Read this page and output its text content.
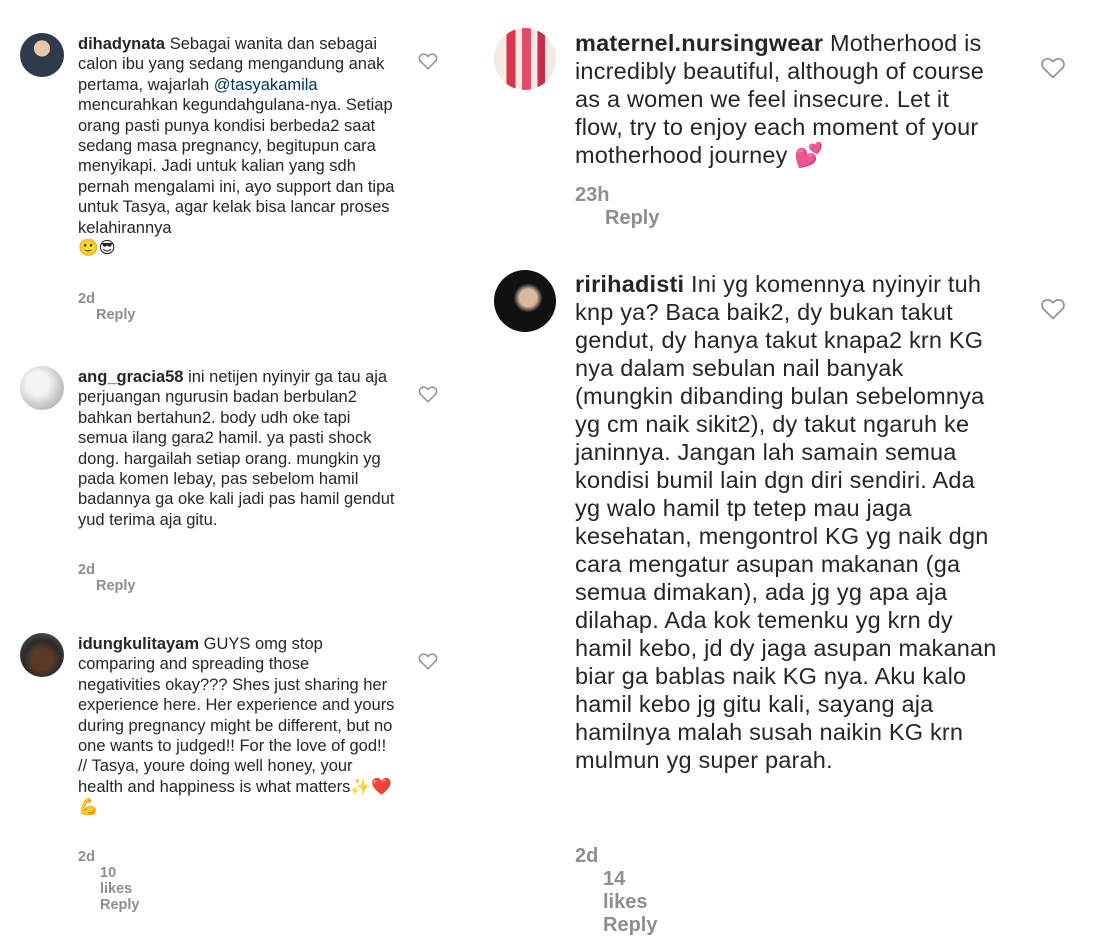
dihadynata Sebagai wanita dan sebagai calon ibu yang sedang mengandung anak pertama, wajarlah @tasyakamila mencurahkan kegundahgulana-nya. Setiap orang pasti punya kondisi berbeda2 saat sedang masa pregnancy, begitupun cara menyikapi. Jadi untuk kalian yang sdh pernah mengalami ini, ayo support dan tipa untuk Tasya, agar kelak bisa lancar proses kelahirannya
🙂😎
2d Reply
ang_gracia58 ini netijen nyinyir ga tau aja perjuangan ngurusin badan berbulan2 bahkan bertahun2. body udh oke tapi semua ilang gara2 hamil. ya pasti shock dong. hargailah setiap orang. mungkin yg pada komen lebay, pas sebelom hamil badannya ga oke kali jadi pas hamil gendut yud terima aja gitu.
2d Reply
idungkulitayam GUYS omg stop comparing and spreading those negativities okay??? Shes just sharing her experience here. Her experience and yours during pregnancy might be different, but no one wants to judged!! For the love of god!! // Tasya, youre doing well honey, your health and happiness is what matters✨❤️💪
2d 10 likes Reply
maternel.nursingwear Motherhood is incredibly beautiful, although of course as a women we feel insecure. Let it flow, try to enjoy each moment of your motherhood journey 💕
23h Reply
ririhadisti Ini yg komennya nyinyir tuh knp ya? Baca baik2, dy bukan takut gendut, dy hanya takut knapa2 krn KG nya dalam sebulan nail banyak (mungkin dibanding bulan sebelomnya yg cm naik sikit2), dy takut ngaruh ke janinnya. Jangan lah samain semua kondisi bumil lain dgn diri sendiri. Ada yg walo hamil tp tetep mau jaga kesehatan, mengontrol KG yg naik dgn cara mengatur asupan makanan (ga semua dimakan), ada jg yg apa aja dilahap. Ada kok temenku yg krn dy hamil kebo, jd dy jaga asupan makanan biar ga bablas naik KG nya. Aku kalo hamil kebo jg gitu kali, sayang aja hamilnya malah susah naikin KG krn mulmun yg super parah.
2d 14 likes Reply
